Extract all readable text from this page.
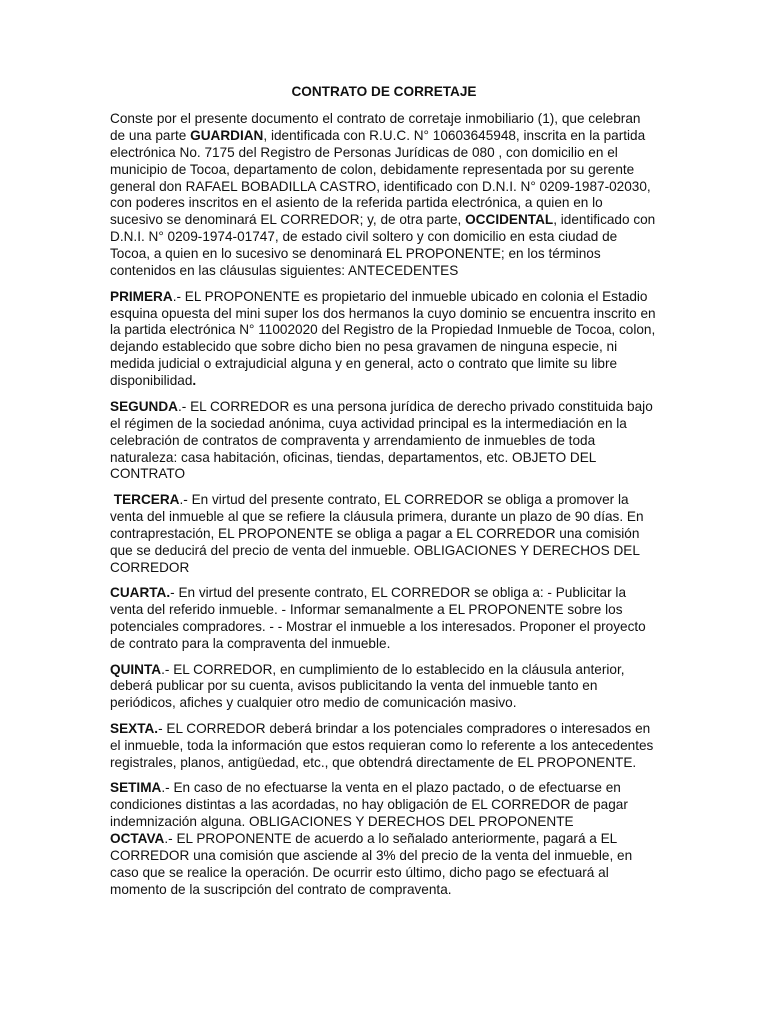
CONTRATO DE CORRETAJE

Conste por el presente documento el contrato de corretaje inmobiliario (1), que celebran de una parte GUARDIAN, identificada con R.U.C. N° 10603645948, inscrita en la partida electrónica No. 7175 del Registro de Personas Jurídicas de 080 , con domicilio en el municipio de Tocoa, departamento de colon, debidamente representada por su gerente general don RAFAEL BOBADILLA CASTRO, identificado con D.N.I. N° 0209-1987-02030, con poderes inscritos en el asiento de la referida partida electrónica, a quien en lo sucesivo se denominará EL CORREDOR; y, de otra parte, OCCIDENTAL, identificado con D.N.I. N° 0209-1974-01747, de estado civil soltero y con domicilio en esta ciudad de Tocoa, a quien en lo sucesivo se denominará EL PROPONENTE; en los términos contenidos en las cláusulas siguientes: ANTECEDENTES

PRIMERA.- EL PROPONENTE es propietario del inmueble ubicado en colonia el Estadio esquina opuesta del mini super los dos hermanos la cuyo dominio se encuentra inscrito en la partida electrónica N° 11002020 del Registro de la Propiedad Inmueble de Tocoa, colon, dejando establecido que sobre dicho bien no pesa gravamen de ninguna especie, ni medida judicial o extrajudicial alguna y en general, acto o contrato que limite su libre disponibilidad.

SEGUNDA.- EL CORREDOR es una persona jurídica de derecho privado constituida bajo el régimen de la sociedad anónima, cuya actividad principal es la intermediación en la celebración de contratos de compraventa y arrendamiento de inmuebles de toda naturaleza: casa habitación, oficinas, tiendas, departamentos, etc. OBJETO DEL CONTRATO

TERCERA.- En virtud del presente contrato, EL CORREDOR se obliga a promover la venta del inmueble al que se refiere la cláusula primera, durante un plazo de 90 días. En contraprestación, EL PROPONENTE se obliga a pagar a EL CORREDOR una comisión que se deducirá del precio de venta del inmueble. OBLIGACIONES Y DERECHOS DEL CORREDOR

CUARTA.- En virtud del presente contrato, EL CORREDOR se obliga a: - Publicitar la venta del referido inmueble. - Informar semanalmente a EL PROPONENTE sobre los potenciales compradores. - - Mostrar el inmueble a los interesados. Proponer el proyecto de contrato para la compraventa del inmueble.

QUINTA.- EL CORREDOR, en cumplimiento de lo establecido en la cláusula anterior, deberá publicar por su cuenta, avisos publicitando la venta del inmueble tanto en periódicos, afiches y cualquier otro medio de comunicación masivo.

SEXTA.- EL CORREDOR deberá brindar a los potenciales compradores o interesados en el inmueble, toda la información que estos requieran como lo referente a los antecedentes registrales, planos, antigüedad, etc., que obtendrá directamente de EL PROPONENTE.

SETIMA.- En caso de no efectuarse la venta en el plazo pactado, o de efectuarse en condiciones distintas a las acordadas, no hay obligación de EL CORREDOR de pagar indemnización alguna. OBLIGACIONES Y DERECHOS DEL PROPONENTE
OCTAVA.- EL PROPONENTE de acuerdo a lo señalado anteriormente, pagará a EL CORREDOR una comisión que asciende al 3% del precio de la venta del inmueble, en caso que se realice la operación. De ocurrir esto último, dicho pago se efectuará al momento de la suscripción del contrato de compraventa.
